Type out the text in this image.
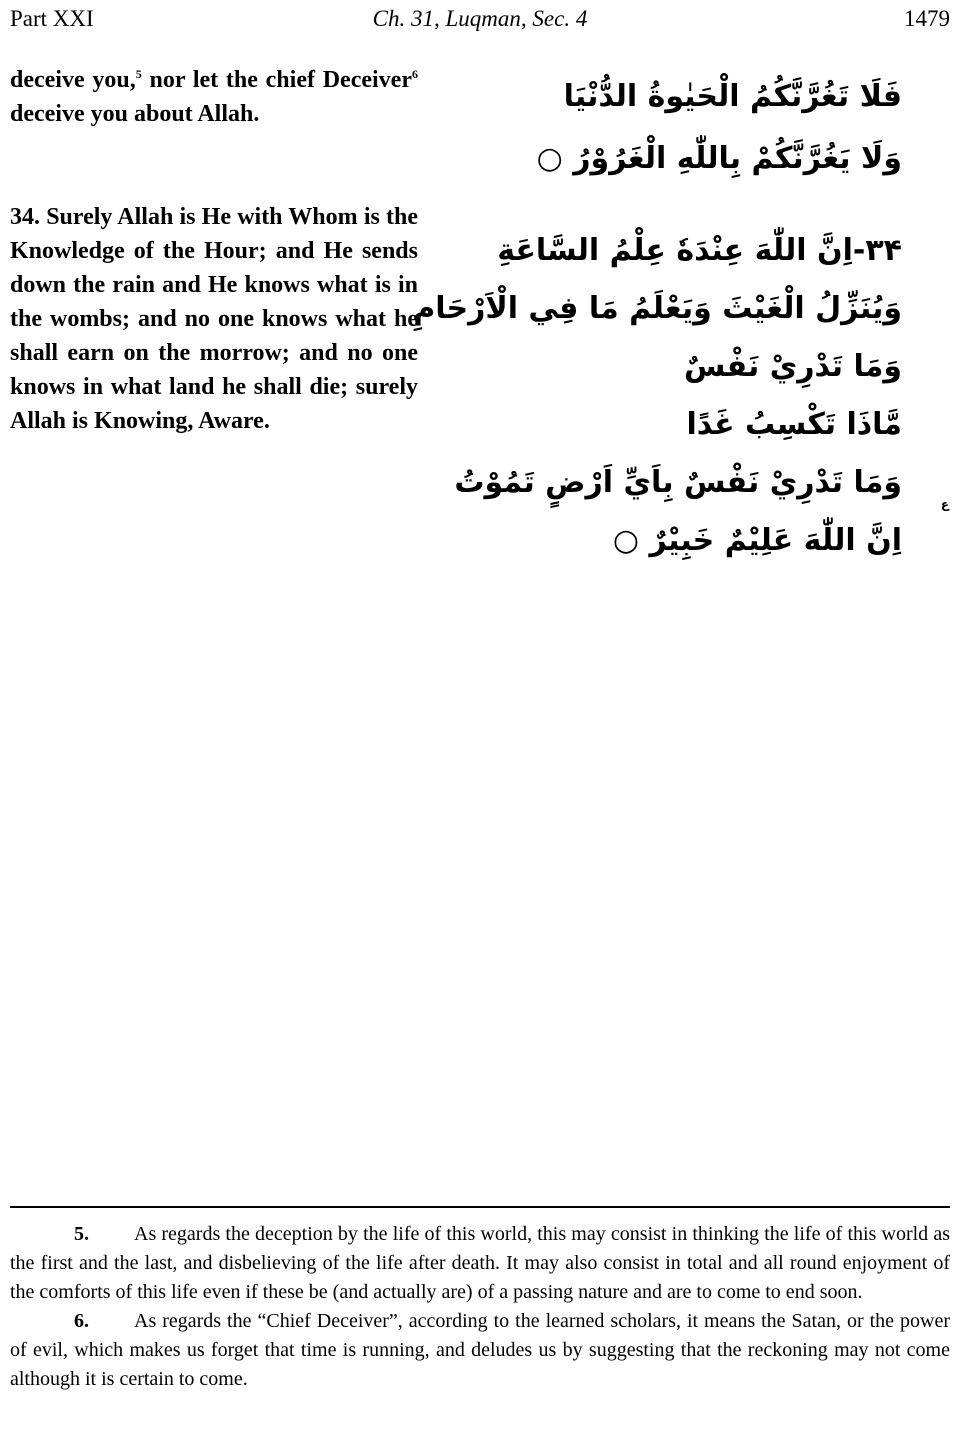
Part XXI	Ch. 31, Luqman, Sec. 4	1479
deceive you,$^5$ nor let the chief Deceiver$^6$ deceive you about Allah.	فَلَا تَغُرَّنَّكُمُ الْحَيٰوةُ الدُّنْيَا
وَلَا يَغُرَّنَّكُمْ بِاللّٰهِ الْغَرُوْرُ ○
34. Surely Allah is He with Whom is the Knowledge of the Hour; and He sends down the rain and He knows what is in the wombs; and no one knows what he shall earn on the morrow; and no one knows in what land he shall die; surely Allah is Knowing, Aware.
۳۴-اِنَّ اللّٰهَ عِنْدَهٗ عِلْمُ السَّاعَةِ
وَيُنَزِّلُ الْغَيْثَ وَيَعْلَمُ مَا فِي الْاَرْحَامِ
وَمَا تَدْرِيْ نَفْسٌ
مَّاذَا تَكْسِبُ غَدًا
وَمَا تَدْرِيْ نَفْسٌ بِاَيِّ اَرْضٍ تَمُوْتُ
اِنَّ اللّٰهَ عَلِيْمٌ خَبِيْرٌ ○
ع

5. As regards the deception by the life of this world, this may consist in thinking the life of this world as the first and the last, and disbelieving of the life after death. It may also consist in total and all round enjoyment of the comforts of this life even if these be (and actually are) of a passing nature and are to come to end soon.

6. As regards the “Chief Deceiver”, according to the learned scholars, it means the Satan, or the power of evil, which makes us forget that time is running, and deludes us by suggesting that the reckoning may not come although it is certain to come.
